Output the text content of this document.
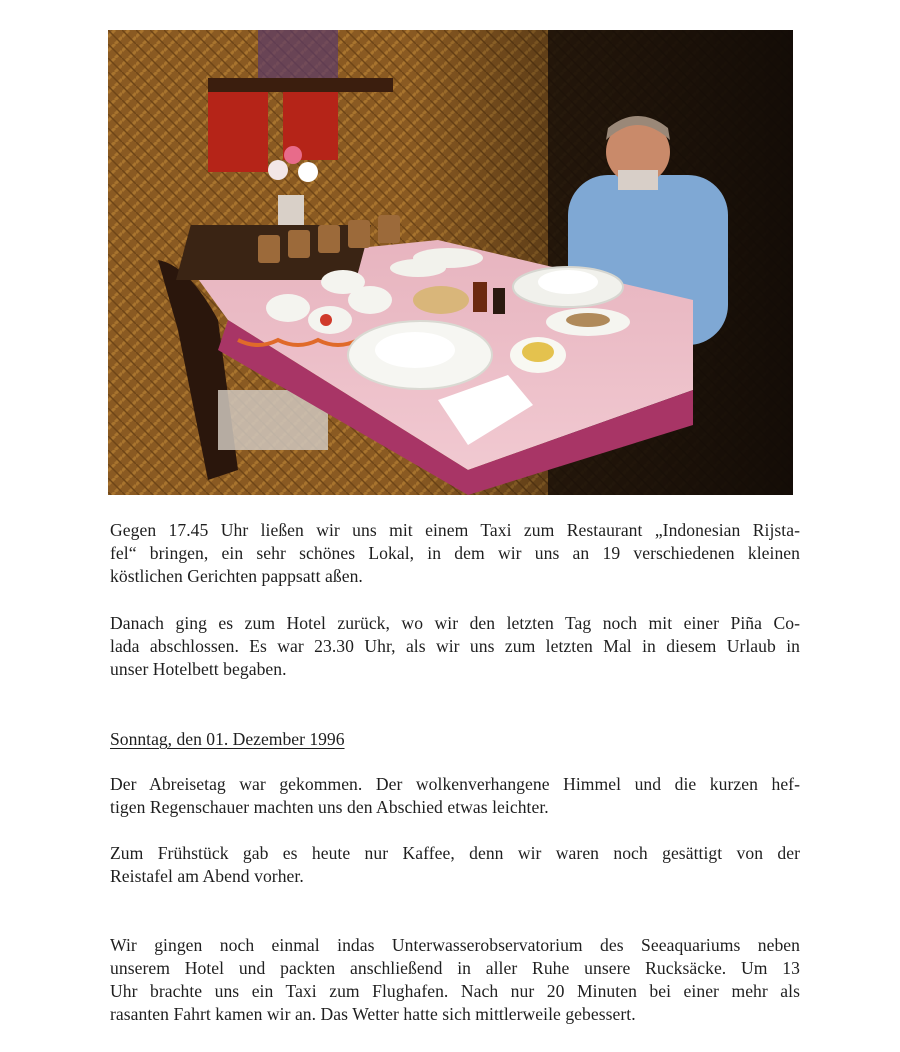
Gegen 17.45 Uhr ließen wir uns mit einem Taxi zum Restaurant „Indonesian Rijsta-
fel“ bringen, ein sehr schönes Lokal, in dem wir uns an 19 verschiedenen kleinen
köstlichen Gerichten pappsatt aßen.

Danach ging es zum Hotel zurück, wo wir den letzten Tag noch mit einer Piña Co-
lada abschlossen. Es war 23.30 Uhr, als wir uns zum letzten Mal in diesem Urlaub in
unser Hotelbett begaben.

Sonntag, den 01. Dezember 1996

Der Abreisetag war gekommen. Der wolkenverhangene Himmel und die kurzen hef-
tigen Regenschauer machten uns den Abschied etwas leichter.

Zum Frühstück gab es heute nur Kaffee, denn wir waren noch gesättigt von der
Reistafel am Abend vorher.

Wir gingen noch einmal indas Unterwasserobservatorium des Seeaquariums neben
unserem Hotel und packten anschließend in aller Ruhe unsere Rucksäcke. Um 13
Uhr brachte uns ein Taxi zum Flughafen. Nach nur 20 Minuten bei einer mehr als
rasanten Fahrt kamen wir an. Das Wetter hatte sich mittlerweile gebessert.
